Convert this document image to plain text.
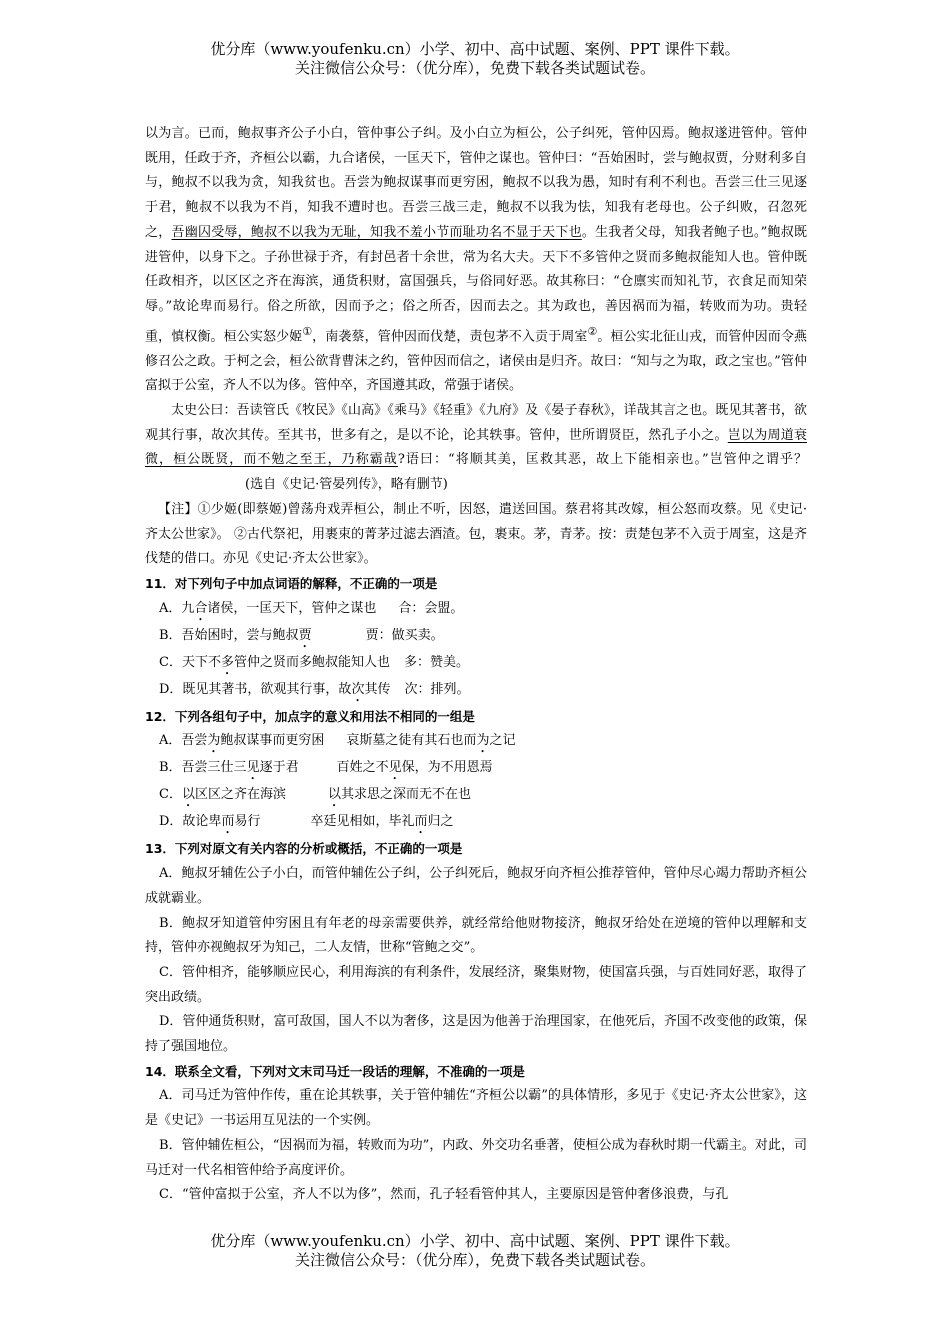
优分库（www.youfenku.cn）小学、初中、高中试题、案例、PPT 课件下载。
关注微信公众号：（优分库），免费下载各类试题试卷。

以为言。已而，鲍叔事齐公子小白，管仲事公子纠。及小白立为桓公，公子纠死，管仲囚焉。鲍叔遂进管仲。管仲既用，任政于齐，齐桓公以霸，九合诸侯，一匡天下，管仲之谋也。管仲曰：“吾始困时，尝与鲍叔贾，分财利多自与，鲍叔不以我为贪，知我贫也。吾尝为鲍叔谋事而更穷困，鲍叔不以我为愚，知时有利不利也。吾尝三仕三见逐于君，鲍叔不以我为不肖，知我不遭时也。吾尝三战三走，鲍叔不以我为怯，知我有老母也。公子纠败，召忽死之，吾幽囚受辱，鲍叔不以我为无耻，知我不羞小节而耻功名不显于天下也。生我者父母，知我者鲍子也。”鲍叔既进管仲，以身下之。子孙世禄于齐，有封邑者十余世，常为名大夫。天下不多管仲之贤而多鲍叔能知人也。管仲既任政相齐，以区区之齐在海滨，通货积财，富国强兵，与俗同好恶。故其称曰：“仓廪实而知礼节，衣食足而知荣辱。”故论卑而易行。俗之所欲，因而予之；俗之所否，因而去之。其为政也，善因祸而为福，转败而为功。贵轻重，慎权衡。桓公实怒少姬①，南袭蔡，管仲因而伐楚，责包茅不入贡于周室②。桓公实北征山戎，而管仲因而令燕修召公之政。于柯之会，桓公欲背曹沫之约，管仲因而信之，诸侯由是归齐。故曰：“知与之为取，政之宝也。”管仲富拟于公室，齐人不以为侈。管仲卒，齐国遵其政，常强于诸侯。

太史公曰：吾读管氏《牧民》《山高》《乘马》《轻重》《九府》及《晏子春秋》，详哉其言之也。既见其著书，欲观其行事，故次其传。至其书，世多有之，是以不论，论其轶事。管仲，世所谓贤臣，然孔子小之。岂以为周道衰微，桓公既贤，而不勉之至王，乃称霸哉?语曰：“将顺其美，匡救其恶，故上下能相亲也。”岂管仲之谓乎？(选自《史记·管晏列传》，略有删节)

【注】①少姬(即蔡姬)曾荡舟戏弄桓公，制止不听，因怒，遣送回国。蔡君将其改嫁，桓公怒而攻蔡。见《史记·齐太公世家》。 ②古代祭祀，用裹束的菁茅过滤去酒渣。包，裹束。茅，青茅。按：责楚包茅不入贡于周室，这是齐伐楚的借口。亦见《史记·齐太公世家》。

11．对下列句子中加点词语的解释，不正确的一项是

A．九合诸侯，一匡天下，管仲之谋也 合：会盟。

B．吾始困时，尝与鲍叔贾	贾：做买卖。

C．天下不多管仲之贤而多鲍叔能知人也 多：赞美。

D．既见其著书，欲观其行事，故次其传 次：排列。

12．下列各组句子中，加点字的意义和用法不相同的一组是

A．吾尝为鲍叔谋事而更穷困 哀斯墓之徒有其石也而为之记

B．吾尝三仕三见逐于君	百姓之不见保，为不用恩焉

C．以区区之齐在海滨	以其求思之深而无不在也

D．故论卑而易行	卒廷见相如，毕礼而归之

13．下列对原文有关内容的分析或概括，不正确的一项是

A．鲍叔牙辅佐公子小白，而管仲辅佐公子纠，公子纠死后，鲍叔牙向齐桓公推荐管仲，管仲尽心竭力帮助齐桓公成就霸业。

B．鲍叔牙知道管仲穷困且有年老的母亲需要供养，就经常给他财物接济，鲍叔牙给处在逆境的管仲以理解和支持，管仲亦视鲍叔牙为知己，二人友情，世称“管鲍之交”。

C．管仲相齐，能够顺应民心，利用海滨的有利条件，发展经济，聚集财物，使国富兵强，与百姓同好恶，取得了突出政绩。

D．管仲通货积财，富可敌国，国人不以为奢侈，这是因为他善于治理国家，在他死后，齐国不改变他的政策，保持了强国地位。

14．联系全文看，下列对文末司马迁一段话的理解，不准确的一项是

A．司马迁为管仲作传，重在论其轶事，关于管仲辅佐“齐桓公以霸”的具体情形，多见于《史记·齐太公世家》，这是《史记》一书运用互见法的一个实例。

B．管仲辅佐桓公，“因祸而为福，转败而为功”，内政、外交功名垂著，使桓公成为春秋时期一代霸主。对此，司马迁对一代名相管仲给予高度评价。

C．“管仲富拟于公室，齐人不以为侈”，然而，孔子轻看管仲其人，主要原因是管仲奢侈浪费，与孔

优分库（www.youfenku.cn）小学、初中、高中试题、案例、PPT 课件下载。
关注微信公众号：（优分库），免费下载各类试题试卷。
